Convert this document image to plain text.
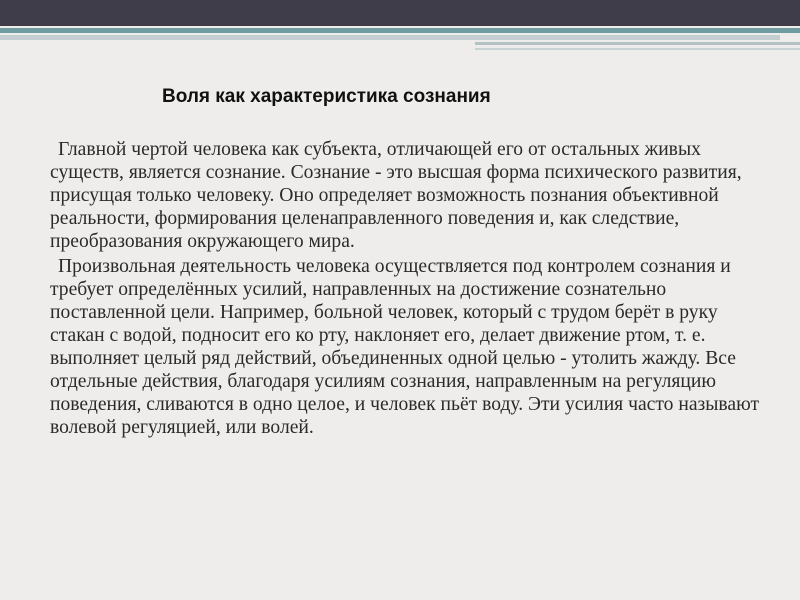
Воля как характеристика сознания

Главной чертой человека как субъекта, отличающей его от остальных живых существ, является сознание. Сознание - это высшая форма психического развития, присущая только человеку. Оно определяет возможность познания объективной реальности, формирования целенаправленного поведения и, как следствие, преобразования окружающего мира.

Произвольная деятельность человека осуществляется под контролем сознания и требует определённых усилий, направленных на достижение сознательно поставленной цели. Например, больной человек, который с трудом берёт в руку стакан с водой, подносит его ко рту, наклоняет его, делает движение ртом, т. е. выполняет целый ряд действий, объединенных одной целью - утолить жажду. Все отдельные действия, благодаря усилиям сознания, направленным на регуляцию поведения, сливаются в одно целое, и человек пьёт воду. Эти усилия часто называют волевой регуляцией, или волей.
